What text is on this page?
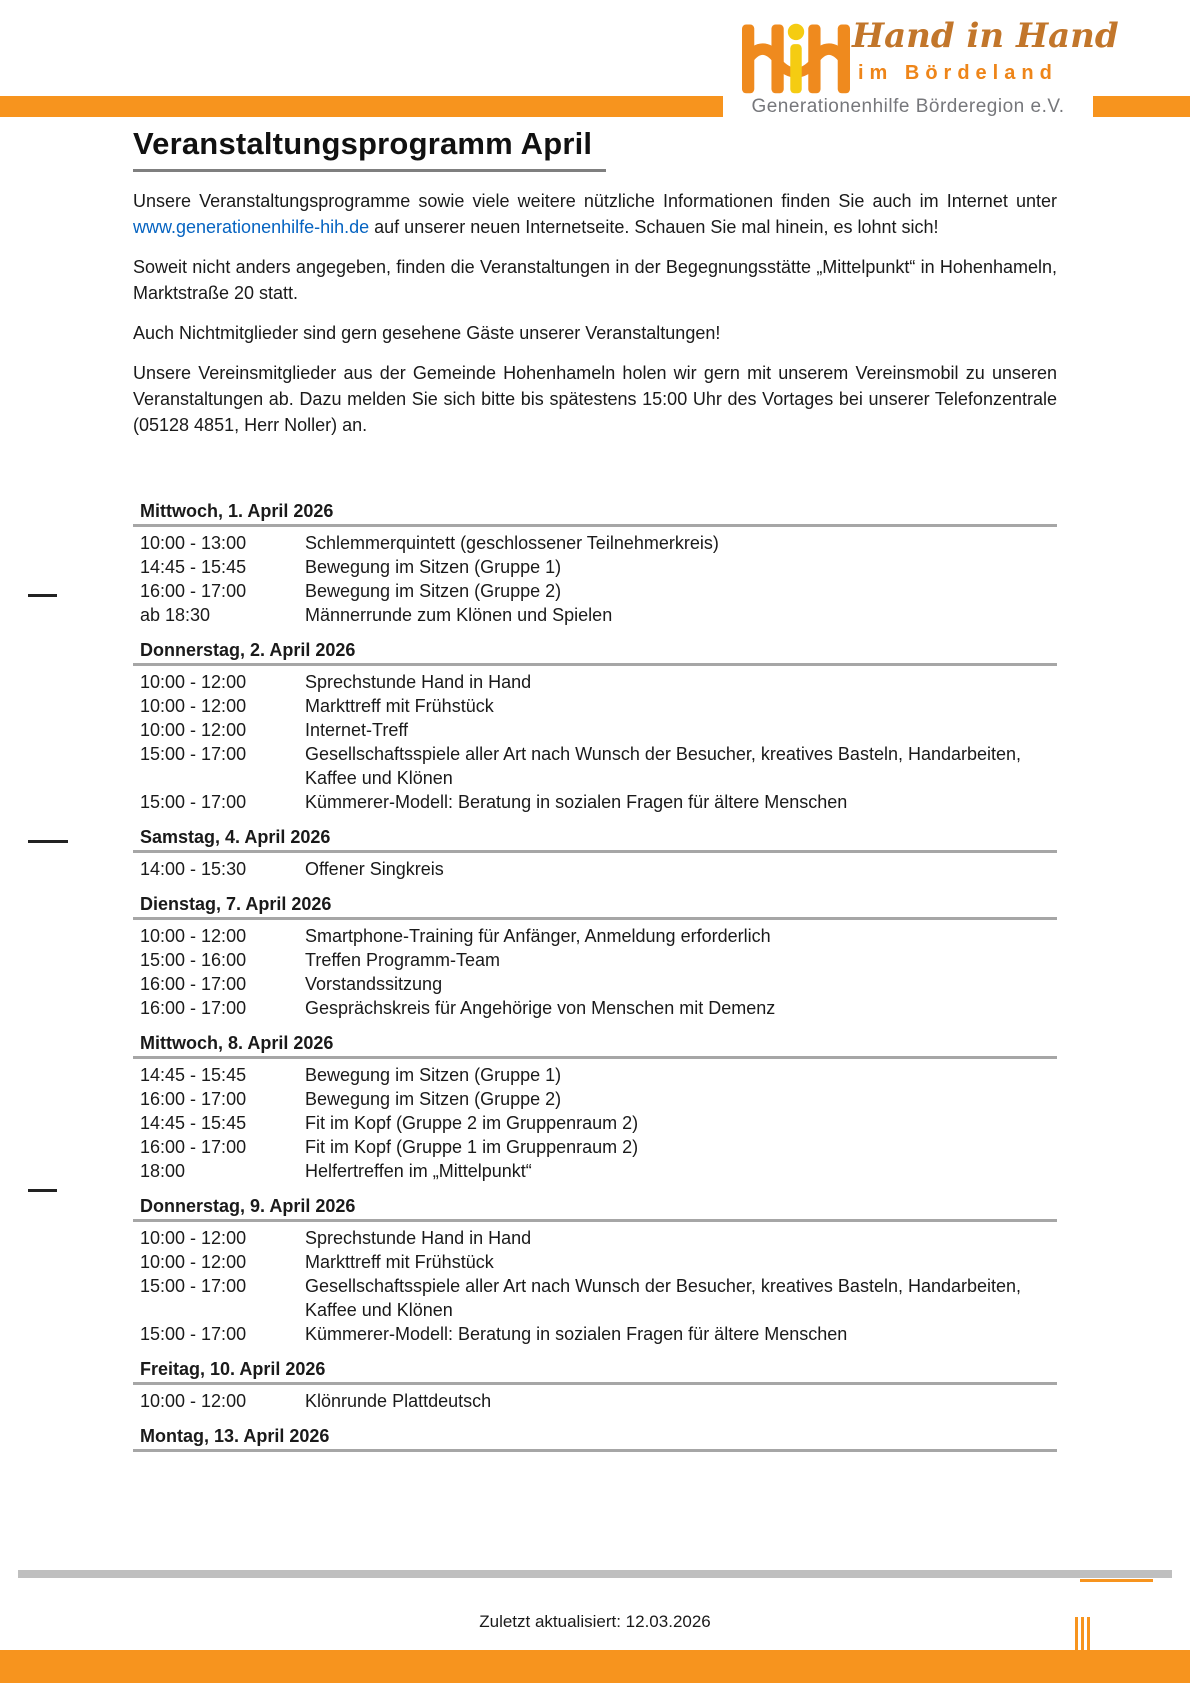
Hand in Hand
im Bördeland
Generationenhilfe Börderegion e.V.
Veranstaltungsprogramm April

Unsere Veranstaltungsprogramme sowie viele weitere nützliche Informationen finden Sie auch im Internet unter www.generationenhilfe-hih.de auf unserer neuen Internetseite. Schauen Sie mal hinein, es lohnt sich!

Soweit nicht anders angegeben, finden die Veranstaltungen in der Begegnungsstätte „Mittelpunkt“ in Hohenhameln, Marktstraße 20 statt.

Auch Nichtmitglieder sind gern gesehene Gäste unserer Veranstaltungen!

Unsere Vereinsmitglieder aus der Gemeinde Hohenhameln holen wir gern mit unserem Vereinsmobil zu unseren Veranstaltungen ab. Dazu melden Sie sich bitte bis spätestens 15:00 Uhr des Vortages bei unserer Telefonzentrale (05128 4851, Herr Noller) an.

Mittwoch, 1. April 2026
10:00 - 13:00	Schlemmerquintett (geschlossener Teilnehmerkreis)
14:45 - 15:45	Bewegung im Sitzen (Gruppe 1)
16:00 - 17:00	Bewegung im Sitzen (Gruppe 2)
ab 18:30	Männerrunde zum Klönen und Spielen
Donnerstag, 2. April 2026
10:00 - 12:00	Sprechstunde Hand in Hand
10:00 - 12:00	Markttreff mit Frühstück
10:00 - 12:00	Internet-Treff
15:00 - 17:00	Gesellschaftsspiele aller Art nach Wunsch der Besucher, kreatives Basteln, Handarbeiten, Kaffee und Klönen
15:00 - 17:00	Kümmerer-Modell: Beratung in sozialen Fragen für ältere Menschen
Samstag, 4. April 2026
14:00 - 15:30	Offener Singkreis
Dienstag, 7. April 2026
10:00 - 12:00	Smartphone-Training für Anfänger, Anmeldung erforderlich
15:00 - 16:00	Treffen Programm-Team
16:00 - 17:00	Vorstandssitzung
16:00 - 17:00	Gesprächskreis für Angehörige von Menschen mit Demenz
Mittwoch, 8. April 2026
14:45 - 15:45	Bewegung im Sitzen (Gruppe 1)
16:00 - 17:00	Bewegung im Sitzen (Gruppe 2)
14:45 - 15:45	Fit im Kopf (Gruppe 2 im Gruppenraum 2)
16:00 - 17:00	Fit im Kopf (Gruppe 1 im Gruppenraum 2)
18:00	Helfertreffen im „Mittelpunkt“
Donnerstag, 9. April 2026
10:00 - 12:00	Sprechstunde Hand in Hand
10:00 - 12:00	Markttreff mit Frühstück
15:00 - 17:00	Gesellschaftsspiele aller Art nach Wunsch der Besucher, kreatives Basteln, Handarbeiten, Kaffee und Klönen
15:00 - 17:00	Kümmerer-Modell: Beratung in sozialen Fragen für ältere Menschen
Freitag, 10. April 2026
10:00 - 12:00	Klönrunde Plattdeutsch
Montag, 13. April 2026
Zuletzt aktualisiert: 12.03.2026
